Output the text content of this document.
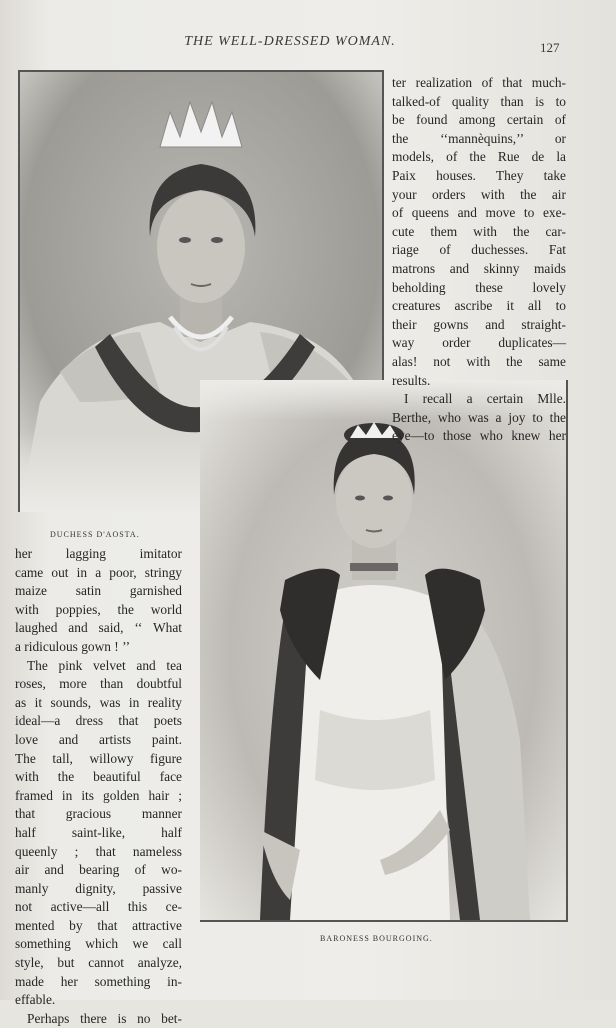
THE WELL-DRESSED WOMAN.	127
DUCHESS D'AOSTA.
BARONESS BOURGOING.
ter realization of that much-
talked-of quality than is to
be found among certain of
the ‘‘mannèquins,’’ or
models, of the Rue de la
Paix houses. They take
your orders with the air
of queens and move to exe-
cute them with the car-
riage of duchesses. Fat
matrons and skinny maids
beholding these lovely
creatures ascribe it all to
their gowns and straight-
way order duplicates—
alas! not with the same
results.
I recall a certain Mlle.
Berthe, who was a joy to the
eye—to those who knew her
her lagging imitator
came out in a poor, stringy
maize satin garnished
with poppies, the world
laughed and said, ‘‘ What
a ridiculous gown ! ’’
The pink velvet and tea
roses, more than doubtful
as it sounds, was in reality
ideal—a dress that poets
love and artists paint.
The tall, willowy figure
with the beautiful face
framed in its golden hair ;
that gracious manner
half saint-like, half
queenly ; that nameless
air and bearing of wo-
manly dignity, passive
not active—all this ce-
mented by that attractive
something which we call
style, but cannot analyze,
made her something in-
effable.
Perhaps there is no bet-
